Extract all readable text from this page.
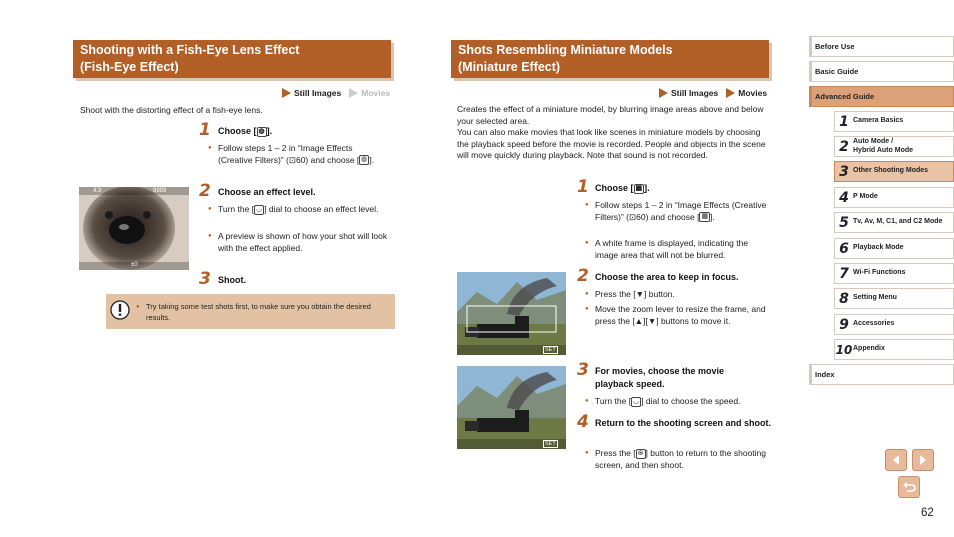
Shooting with a Fish-Eye Lens Effect
(Fish-Eye Effect)
Still Images Movies
Shoot with the distorting effect of a fish-eye lens.
4:3	9999
±0
1 Choose [ ◍ ].
● Follow steps 1 – 2 in “Image Effects (Creative Filters)” (⊡60) and choose [ ◍ ].
2 Choose an effect level.
● Turn the [ ◡ ] dial to choose an effect level.
● A preview is shown of how your shot will look with the effect applied.
3 Shoot.
● Try taking some test shots first, to make sure you obtain the desired results.
Shots Resembling Miniature Models
(Miniature Effect)
Still Images Movies
Creates the effect of a miniature model, by blurring image areas above and below your selected area.
You can also make movies that look like scenes in miniature models by choosing the playback speed before the movie is recorded. People and objects in the scene will move quickly during playback. Note that sound is not recorded.
SET
SET
1 Choose [ ▦ ].
● Follow steps 1 – 2 in “Image Effects (Creative Filters)” (⊡60) and choose [ ▦ ].
● A white frame is displayed, indicating the image area that will not be blurred.
2 Choose the area to keep in focus.
● Press the [▼] button.
● Move the zoom lever to resize the frame, and press the [▲][▼] buttons to move it.
3 For movies, choose the movie playback speed.
● Turn the [ ◡ ] dial to choose the speed.
4 Return to the shooting screen and shoot.
● Press the [ ⊛ ] button to return to the shooting screen, and then shoot.
Before Use
Basic Guide
Advanced Guide
1 Camera Basics
2 Auto Mode /
Hybrid Auto Mode
3 Other Shooting Modes
4 P Mode
5 Tv, Av, M, C1, and C2 Mode
6 Playback Mode
7 Wi-Fi Functions
8 Setting Menu
9 Accessories
10 Appendix
Index
62
